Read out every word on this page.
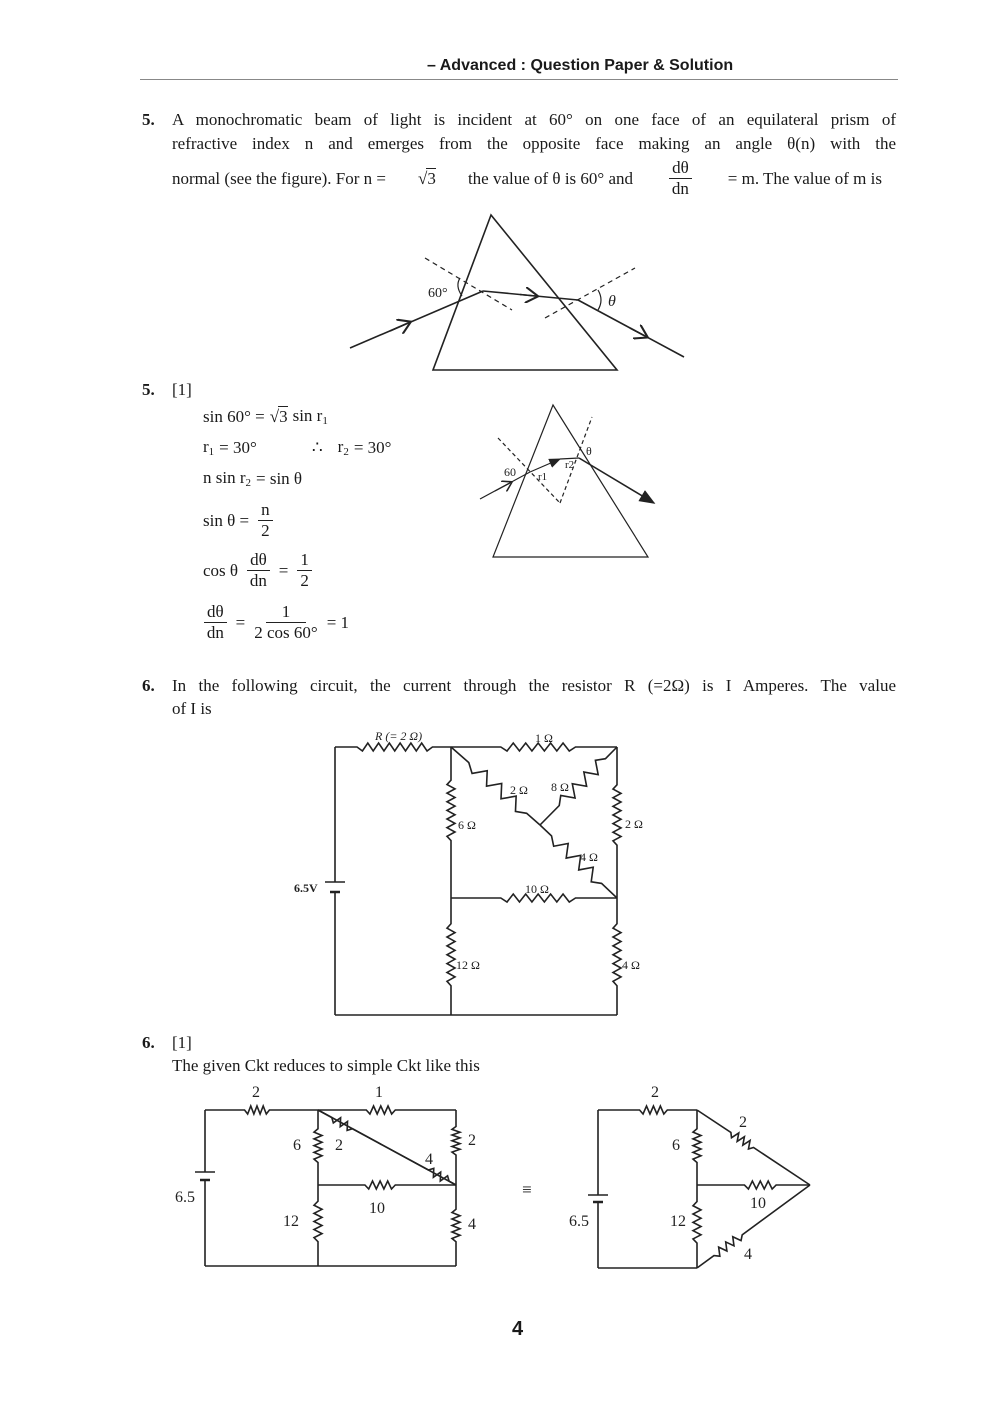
– Advanced : Question Paper & Solution
5. A monochromatic beam of light is incident at 60° on one face of an equilateral prism of
refractive index n and emerges from the opposite face making an angle θ(n) with the
normal (see the figure). For n = √3 the value of θ is 60° and $\frac{d\theta}{dn} = m$. The value of m is
5. [1]
sin 60° = √3 $\sin r_1$
$r_1 = 30^\circ$	∴ $r_2 = 30^\circ$
n $\sin r_2 = \sin \theta$
$\sin \theta = \frac{n}{2}$
cos θ $\frac{d\theta}{dn} = \frac{1}{2}$
$\frac{d\theta}{dn} = \frac{1}{2 \cos 60^\circ} = 1$
6. In the following circuit, the current through the resistor R (=2Ω) is I Amperes. The value
of I is
6. [1]
The given Ckt reduces to simple Ckt like this
≡
4
60°	θ
60 r1
r2
θ
R (= 2 Ω)	1 Ω
2 Ω 8 Ω
6 Ω	2 Ω
4 Ω
6.5V	10 Ω
12 Ω	4 Ω
2	1
6 2
4
2
6.5
10
12	4
2
6
2
10
6.5	12
4
